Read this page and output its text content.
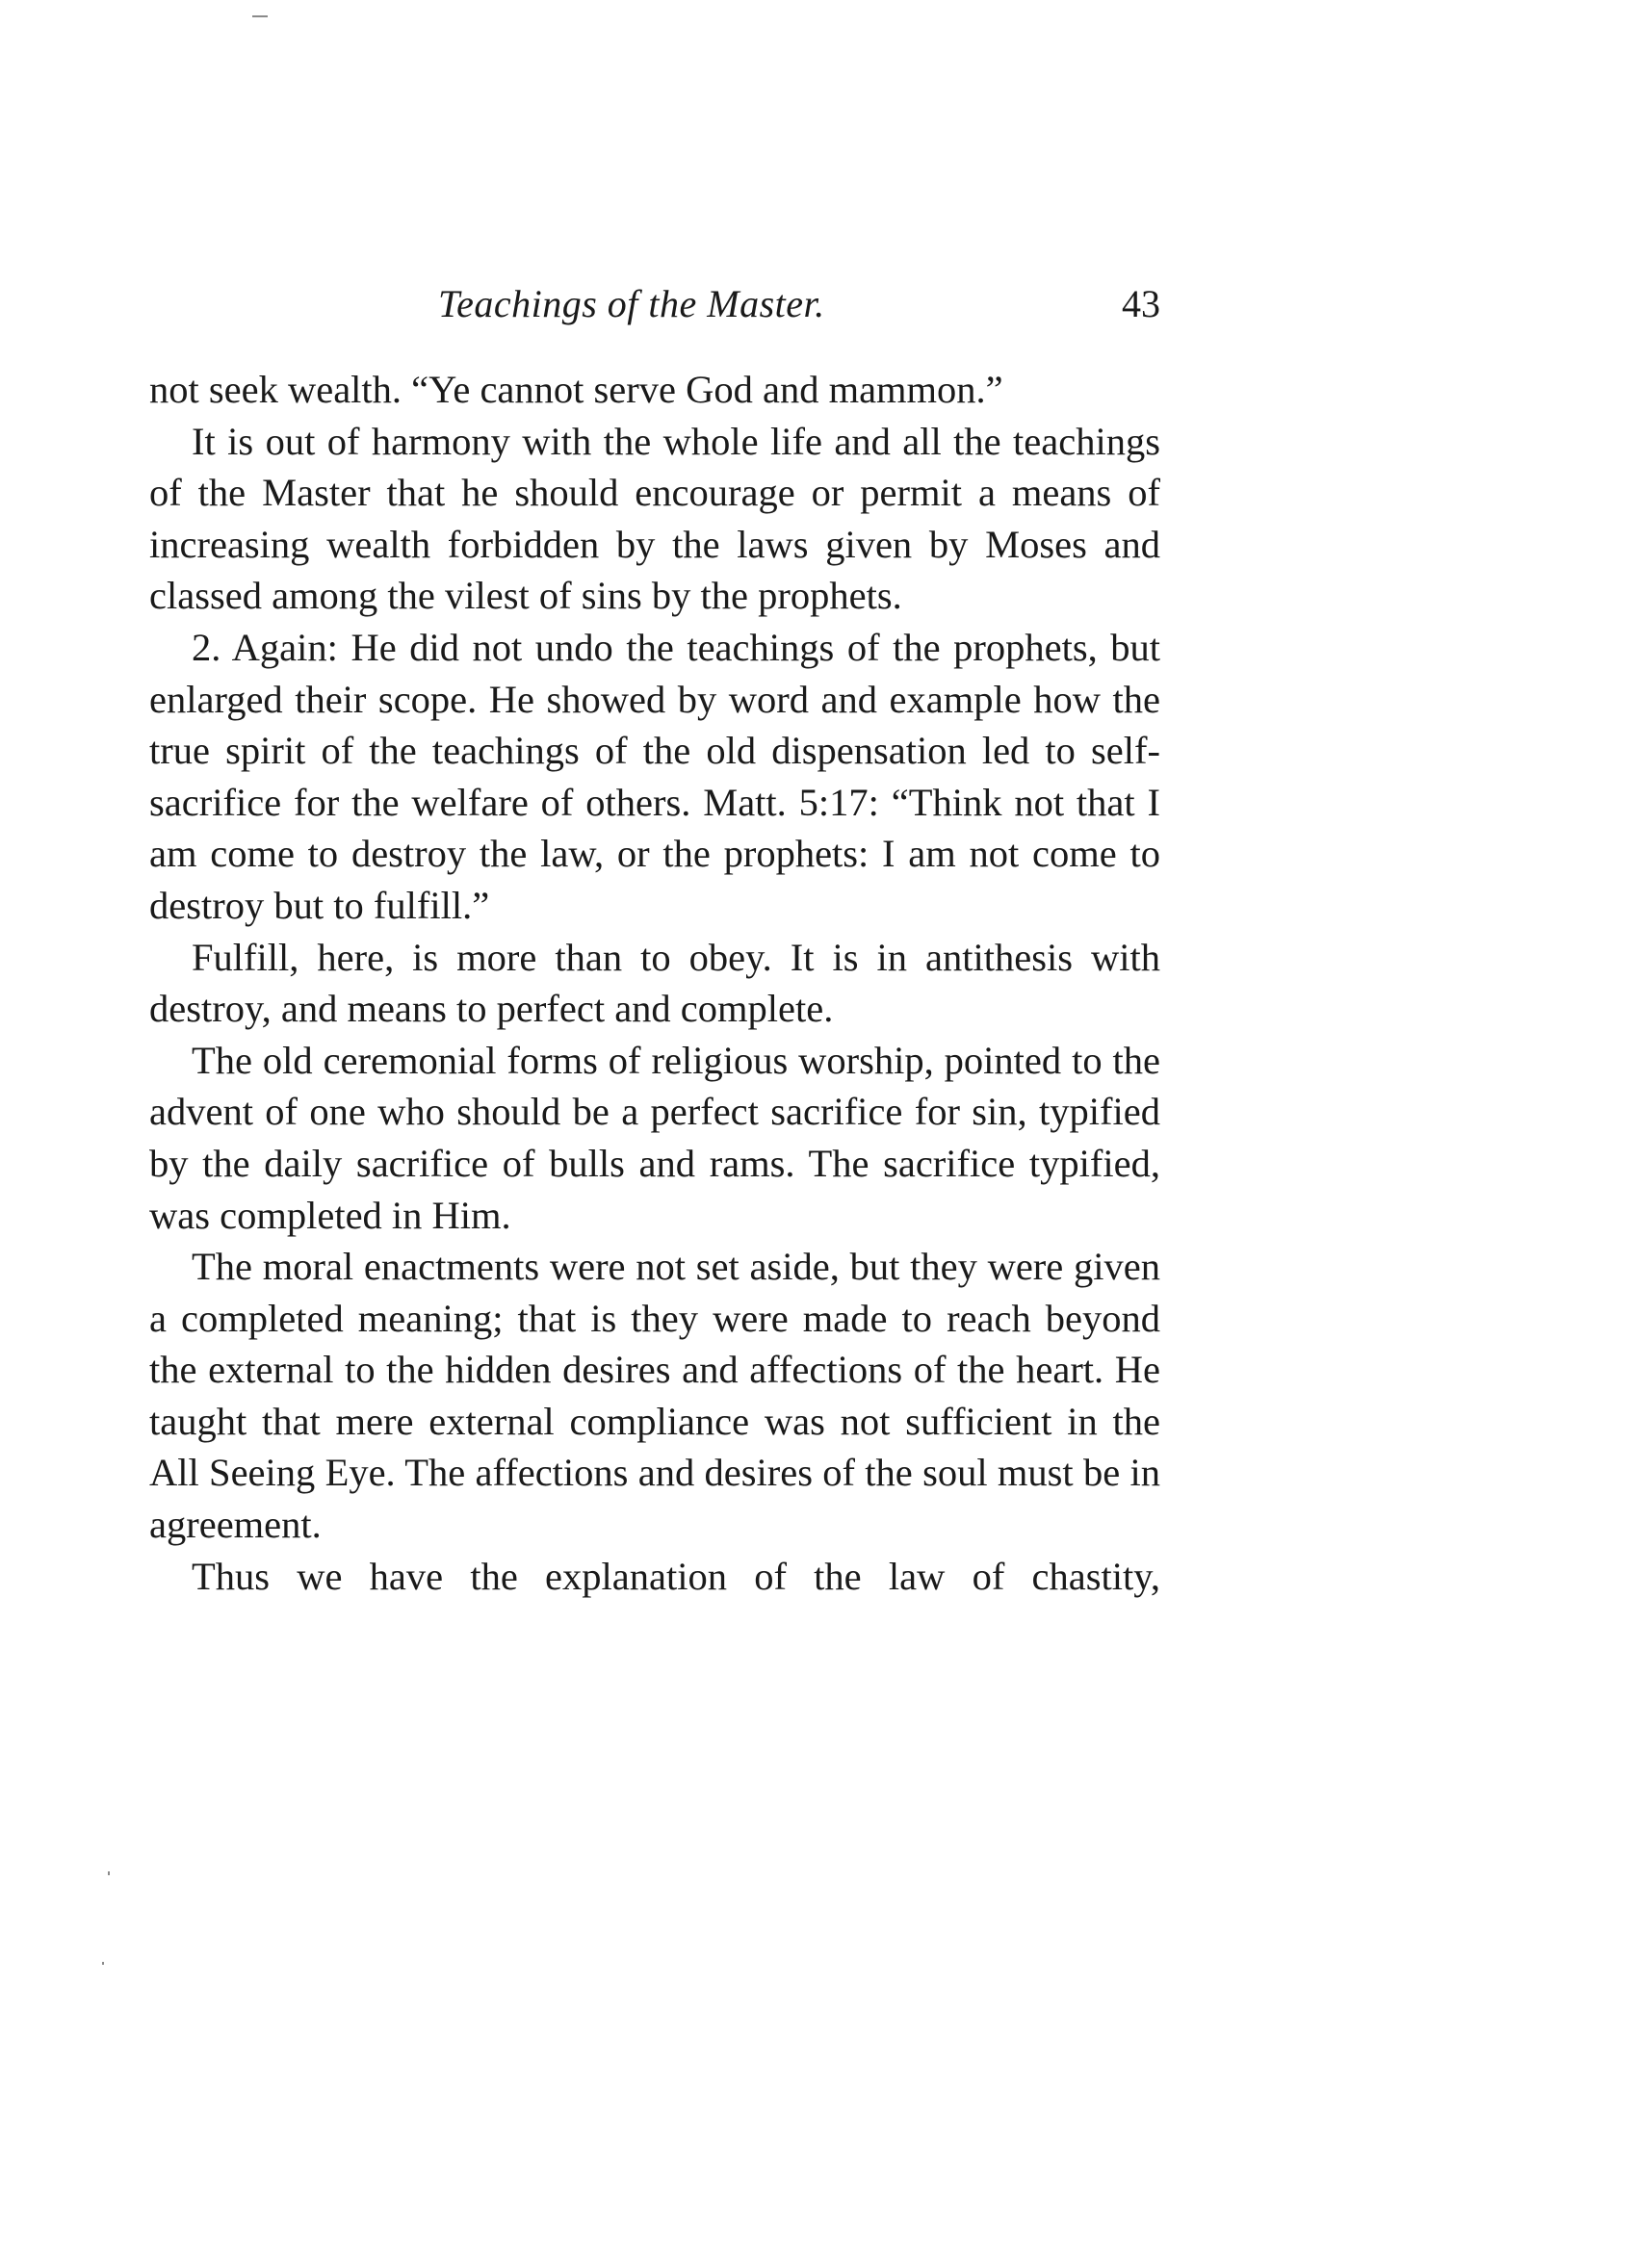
Teachings of the Master.	43

not seek wealth. “Ye cannot serve God and mammon.”

It is out of harmony with the whole life and all the teachings of the Master that he should encourage or permit a means of increasing wealth forbidden by the laws given by Moses and classed among the vilest of sins by the prophets.

2. Again: He did not undo the teachings of the prophets, but enlarged their scope. He showed by word and example how the true spirit of the teachings of the old dispensation led to self-sacrifice for the welfare of others. Matt. 5:17: “Think not that I am come to destroy the law, or the prophets: I am not come to destroy but to fulfill.”

Fulfill, here, is more than to obey. It is in antithesis with destroy, and means to perfect and complete.

The old ceremonial forms of religious worship, pointed to the advent of one who should be a perfect sacrifice for sin, typified by the daily sacrifice of bulls and rams. The sacrifice typified, was completed in Him.

The moral enactments were not set aside, but they were given a completed meaning; that is they were made to reach beyond the external to the hidden desires and affections of the heart. He taught that mere external compliance was not sufficient in the All Seeing Eye. The affections and desires of the soul must be in agreement.

Thus we have the explanation of the law of chastity,
